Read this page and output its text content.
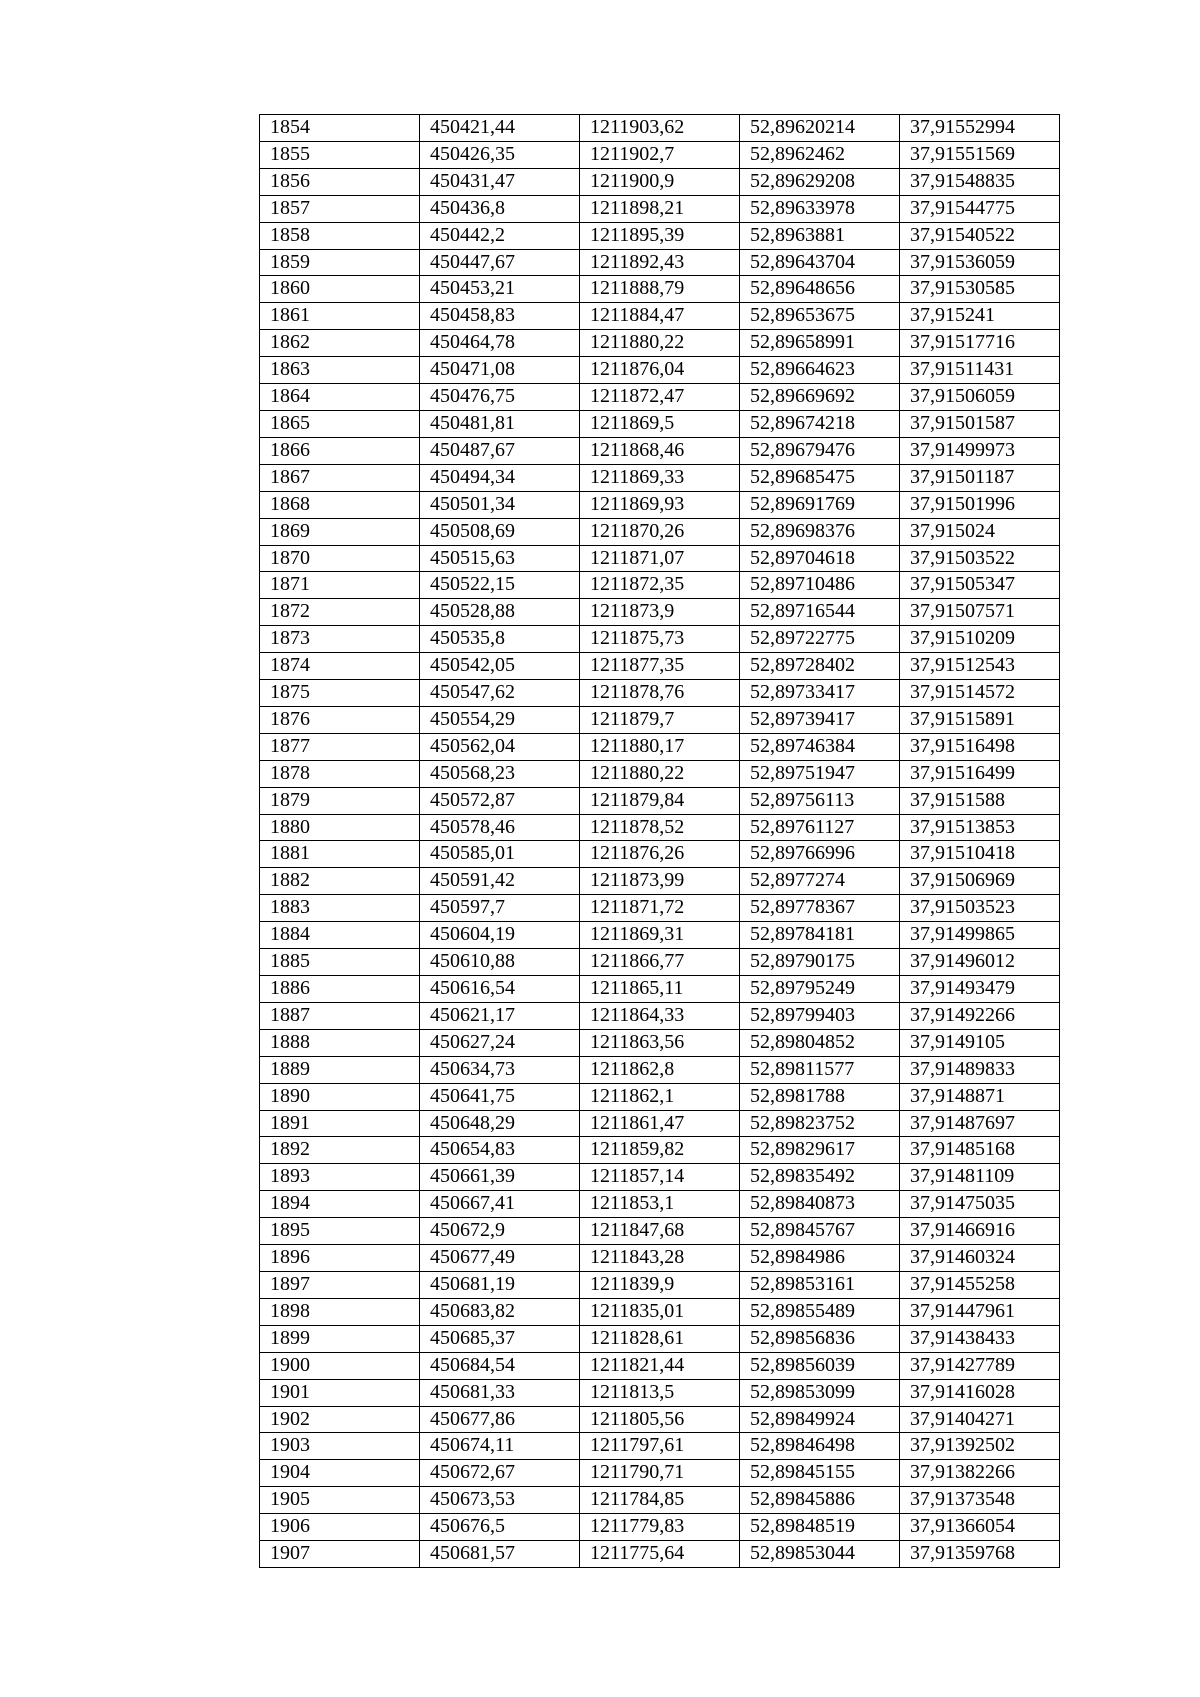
1854	450421,44	1211903,62	52,89620214	37,91552994
1855	450426,35	1211902,7	52,8962462	37,91551569
1856	450431,47	1211900,9	52,89629208	37,91548835
1857	450436,8	1211898,21	52,89633978	37,91544775
1858	450442,2	1211895,39	52,8963881	37,91540522
1859	450447,67	1211892,43	52,89643704	37,91536059
1860	450453,21	1211888,79	52,89648656	37,91530585
1861	450458,83	1211884,47	52,89653675	37,915241
1862	450464,78	1211880,22	52,89658991	37,91517716
1863	450471,08	1211876,04	52,89664623	37,91511431
1864	450476,75	1211872,47	52,89669692	37,91506059
1865	450481,81	1211869,5	52,89674218	37,91501587
1866	450487,67	1211868,46	52,89679476	37,91499973
1867	450494,34	1211869,33	52,89685475	37,91501187
1868	450501,34	1211869,93	52,89691769	37,91501996
1869	450508,69	1211870,26	52,89698376	37,915024
1870	450515,63	1211871,07	52,89704618	37,91503522
1871	450522,15	1211872,35	52,89710486	37,91505347
1872	450528,88	1211873,9	52,89716544	37,91507571
1873	450535,8	1211875,73	52,89722775	37,91510209
1874	450542,05	1211877,35	52,89728402	37,91512543
1875	450547,62	1211878,76	52,89733417	37,91514572
1876	450554,29	1211879,7	52,89739417	37,91515891
1877	450562,04	1211880,17	52,89746384	37,91516498
1878	450568,23	1211880,22	52,89751947	37,91516499
1879	450572,87	1211879,84	52,89756113	37,9151588
1880	450578,46	1211878,52	52,89761127	37,91513853
1881	450585,01	1211876,26	52,89766996	37,91510418
1882	450591,42	1211873,99	52,8977274	37,91506969
1883	450597,7	1211871,72	52,89778367	37,91503523
1884	450604,19	1211869,31	52,89784181	37,91499865
1885	450610,88	1211866,77	52,89790175	37,91496012
1886	450616,54	1211865,11	52,89795249	37,91493479
1887	450621,17	1211864,33	52,89799403	37,91492266
1888	450627,24	1211863,56	52,89804852	37,9149105
1889	450634,73	1211862,8	52,89811577	37,91489833
1890	450641,75	1211862,1	52,8981788	37,9148871
1891	450648,29	1211861,47	52,89823752	37,91487697
1892	450654,83	1211859,82	52,89829617	37,91485168
1893	450661,39	1211857,14	52,89835492	37,91481109
1894	450667,41	1211853,1	52,89840873	37,91475035
1895	450672,9	1211847,68	52,89845767	37,91466916
1896	450677,49	1211843,28	52,8984986	37,91460324
1897	450681,19	1211839,9	52,89853161	37,91455258
1898	450683,82	1211835,01	52,89855489	37,91447961
1899	450685,37	1211828,61	52,89856836	37,91438433
1900	450684,54	1211821,44	52,89856039	37,91427789
1901	450681,33	1211813,5	52,89853099	37,91416028
1902	450677,86	1211805,56	52,89849924	37,91404271
1903	450674,11	1211797,61	52,89846498	37,91392502
1904	450672,67	1211790,71	52,89845155	37,91382266
1905	450673,53	1211784,85	52,89845886	37,91373548
1906	450676,5	1211779,83	52,89848519	37,91366054
1907	450681,57	1211775,64	52,89853044	37,91359768
